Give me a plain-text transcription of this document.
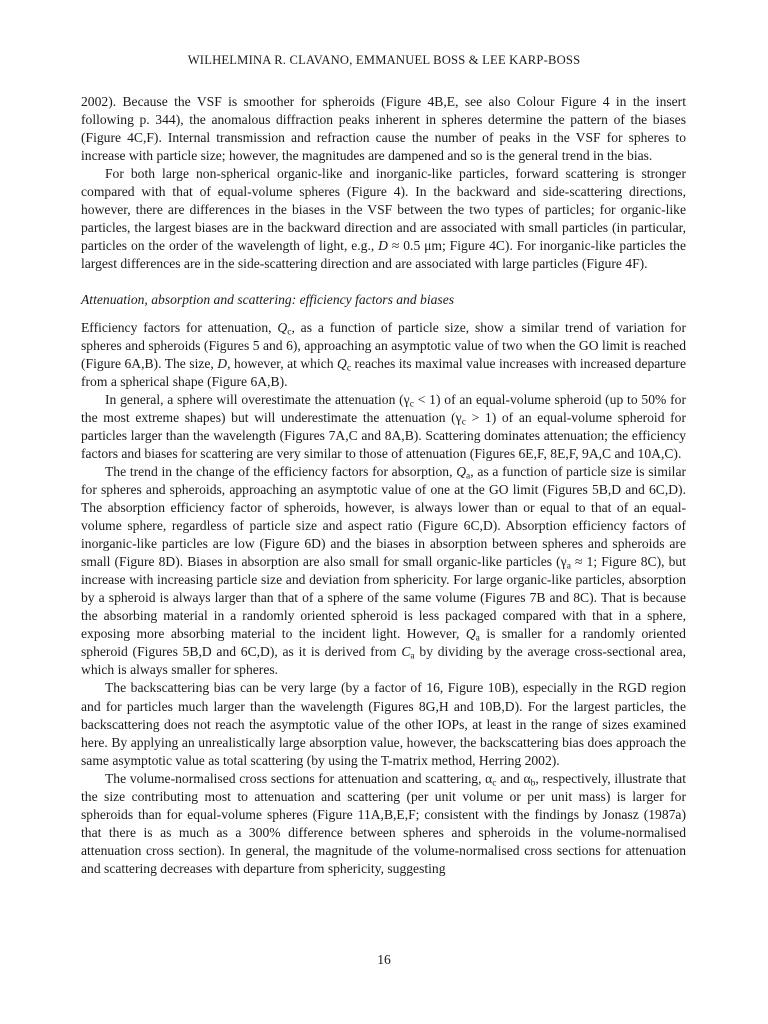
WILHELMINA R. CLAVANO, EMMANUEL BOSS & LEE KARP-BOSS

2002). Because the VSF is smoother for spheroids (Figure 4B,E, see also Colour Figure 4 in the insert following p. 344), the anomalous diffraction peaks inherent in spheres determine the pattern of the biases (Figure 4C,F). Internal transmission and refraction cause the number of peaks in the VSF for spheres to increase with particle size; however, the magnitudes are dampened and so is the general trend in the bias.

For both large non-spherical organic-like and inorganic-like particles, forward scattering is stronger compared with that of equal-volume spheres (Figure 4). In the backward and side-scattering directions, however, there are differences in the biases in the VSF between the two types of particles; for organic-like particles, the largest biases are in the backward direction and are associated with small particles (in particular, particles on the order of the wavelength of light, e.g., D ≈ 0.5 μm; Figure 4C). For inorganic-like particles the largest differences are in the side-scattering direction and are associated with large particles (Figure 4F).

Attenuation, absorption and scattering: efficiency factors and biases

Efficiency factors for attenuation, $Q_c$, as a function of particle size, show a similar trend of variation for spheres and spheroids (Figures 5 and 6), approaching an asymptotic value of two when the GO limit is reached (Figure 6A,B). The size, D, however, at which $Q_c$ reaches its maximal value increases with increased departure from a spherical shape (Figure 6A,B).

In general, a sphere will overestimate the attenuation $(\gamma_c < 1)$ of an equal-volume spheroid (up to 50% for the most extreme shapes) but will underestimate the attenuation $(\gamma_c > 1)$ of an equal-volume spheroid for particles larger than the wavelength (Figures 7A,C and 8A,B). Scattering dominates attenuation; the efficiency factors and biases for scattering are very similar to those of attenuation (Figures 6E,F, 8E,F, 9A,C and 10A,C).

The trend in the change of the efficiency factors for absorption, $Q_a$, as a function of particle size is similar for spheres and spheroids, approaching an asymptotic value of one at the GO limit (Figures 5B,D and 6C,D). The absorption efficiency factor of spheroids, however, is always lower than or equal to that of an equal-volume sphere, regardless of particle size and aspect ratio (Figure 6C,D). Absorption efficiency factors of inorganic-like particles are low (Figure 6D) and the biases in absorption between spheres and spheroids are small (Figure 8D). Biases in absorption are also small for small organic-like particles ($\gamma_a \approx 1$; Figure 8C), but increase with increasing particle size and deviation from sphericity. For large organic-like particles, absorption by a spheroid is always larger than that of a sphere of the same volume (Figures 7B and 8C). That is because the absorbing material in a randomly oriented spheroid is less packaged compared with that in a sphere, exposing more absorbing material to the incident light. However, $Q_a$ is smaller for a randomly oriented spheroid (Figures 5B,D and 6C,D), as it is derived from $C_a$ by dividing by the average cross-sectional area, which is always smaller for spheres.

The backscattering bias can be very large (by a factor of 16, Figure 10B), especially in the RGD region and for particles much larger than the wavelength (Figures 8G,H and 10B,D). For the largest particles, the backscattering does not reach the asymptotic value of the other IOPs, at least in the range of sizes examined here. By applying an unrealistically large absorption value, however, the backscattering bias does approach the same asymptotic value as total scattering (by using the T-matrix method, Herring 2002).

The volume-normalised cross sections for attenuation and scattering, $\alpha_c$ and $\alpha_b$, respectively, illustrate that the size contributing most to attenuation and scattering (per unit volume or per unit mass) is larger for spheroids than for equal-volume spheres (Figure 11A,B,E,F; consistent with the findings by Jonasz (1987a) that there is as much as a 300% difference between spheres and spheroids in the volume-normalised attenuation cross section). In general, the magnitude of the volume-normalised cross sections for attenuation and scattering decreases with departure from sphericity, suggesting

16
